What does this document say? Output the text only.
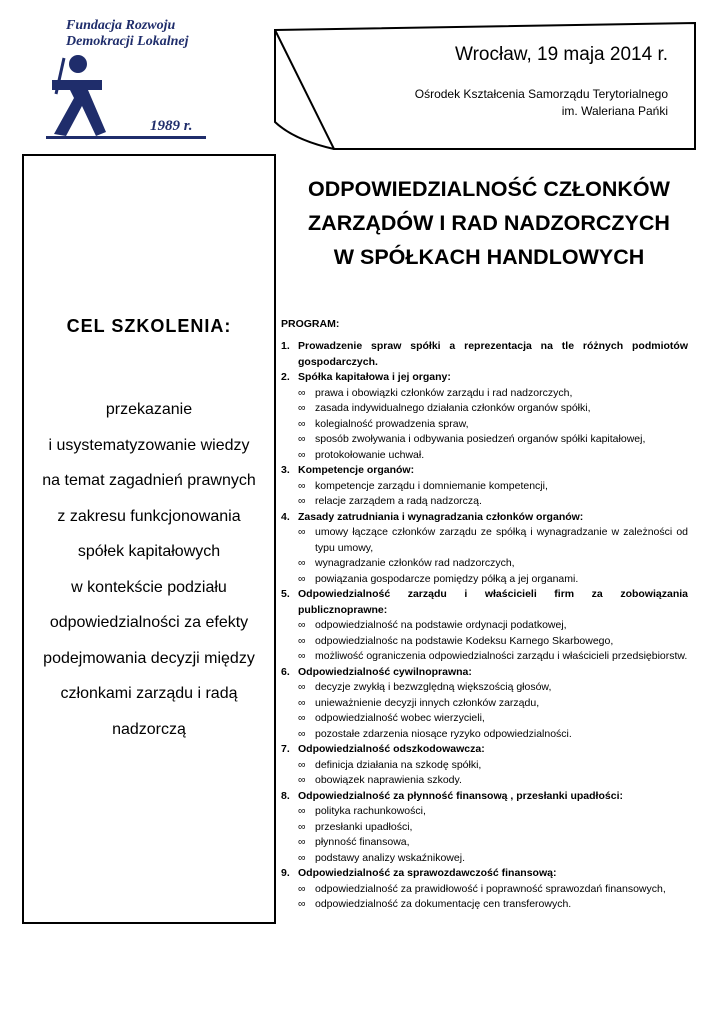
Fundacja Rozwoju
Demokracji Lokalnej
1989 r.
Wrocław, 19 maja 2014 r.
Ośrodek Kształcenia Samorządu Terytorialnego
im. Waleriana Pańki
CEL SZKOLENIA:
przekazanie
i usystematyzowanie wiedzy
na temat zagadnień prawnych
z zakresu funkcjonowania
spółek kapitałowych
w kontekście podziału
odpowiedzialności za efekty
podejmowania decyzji między
członkami zarządu i radą
nadzorczą
ODPOWIEDZIALNOŚĆ CZŁONKÓW
ZARZĄDÓW I RAD NADZORCZYCH
W SPÓŁKACH HANDLOWYCH
PROGRAM:
1. Prowadzenie spraw spółki a reprezentacja na tle różnych podmiotów gospodarczych.
2. Spółka kapitałowa i jej organy:
∞ prawa i obowiązki członków zarządu i rad nadzorczych,
∞ zasada indywidualnego działania członków organów spółki,
∞ kolegialność prowadzenia spraw,
∞ sposób zwoływania i odbywania posiedzeń organów spółki kapitałowej,
∞ protokołowanie uchwał.
3. Kompetencje organów:
∞ kompetencje zarządu i domniemanie kompetencji,
∞ relacje zarządem a radą nadzorczą.
4. Zasady zatrudniania i wynagradzania członków organów:
∞ umowy łączące członków zarządu ze spółką i wynagradzanie w zależności od typu umowy,
∞ wynagradzanie członków rad nadzorczych,
∞ powiązania gospodarcze pomiędzy półką a jej organami.
5. Odpowiedzialność zarządu i właścicieli firm za zobowiązania publicznoprawne:
∞ odpowiedzialność na podstawie ordynacji podatkowej,
∞ odpowiedzialnośc na podstawie Kodeksu Karnego Skarbowego,
∞ możliwość ograniczenia odpowiedzialności zarządu i właścicieli przedsiębiorstw.
6. Odpowiedzialność cywilnoprawna:
∞ decyzje zwykłą i bezwzględną większością głosów,
∞ unieważnienie decyzji innych członków zarządu,
∞ odpowiedzialność wobec wierzycieli,
∞ pozostałe zdarzenia niosące ryzyko odpowiedzialności.
7. Odpowiedzialność odszkodowawcza:
∞ definicja działania na szkodę spółki,
∞ obowiązek naprawienia szkody.
8. Odpowiedzialność za płynność finansową , przesłanki upadłości:
∞ polityka rachunkowości,
∞ przesłanki upadłości,
∞ płynność finansowa,
∞ podstawy analizy wskaźnikowej.
9. Odpowiedzialność za sprawozdawczość finansową:
∞ odpowiedzialność za prawidłowość i poprawność sprawozdań finansowych,
∞ odpowiedzialność za dokumentację cen transferowych.
